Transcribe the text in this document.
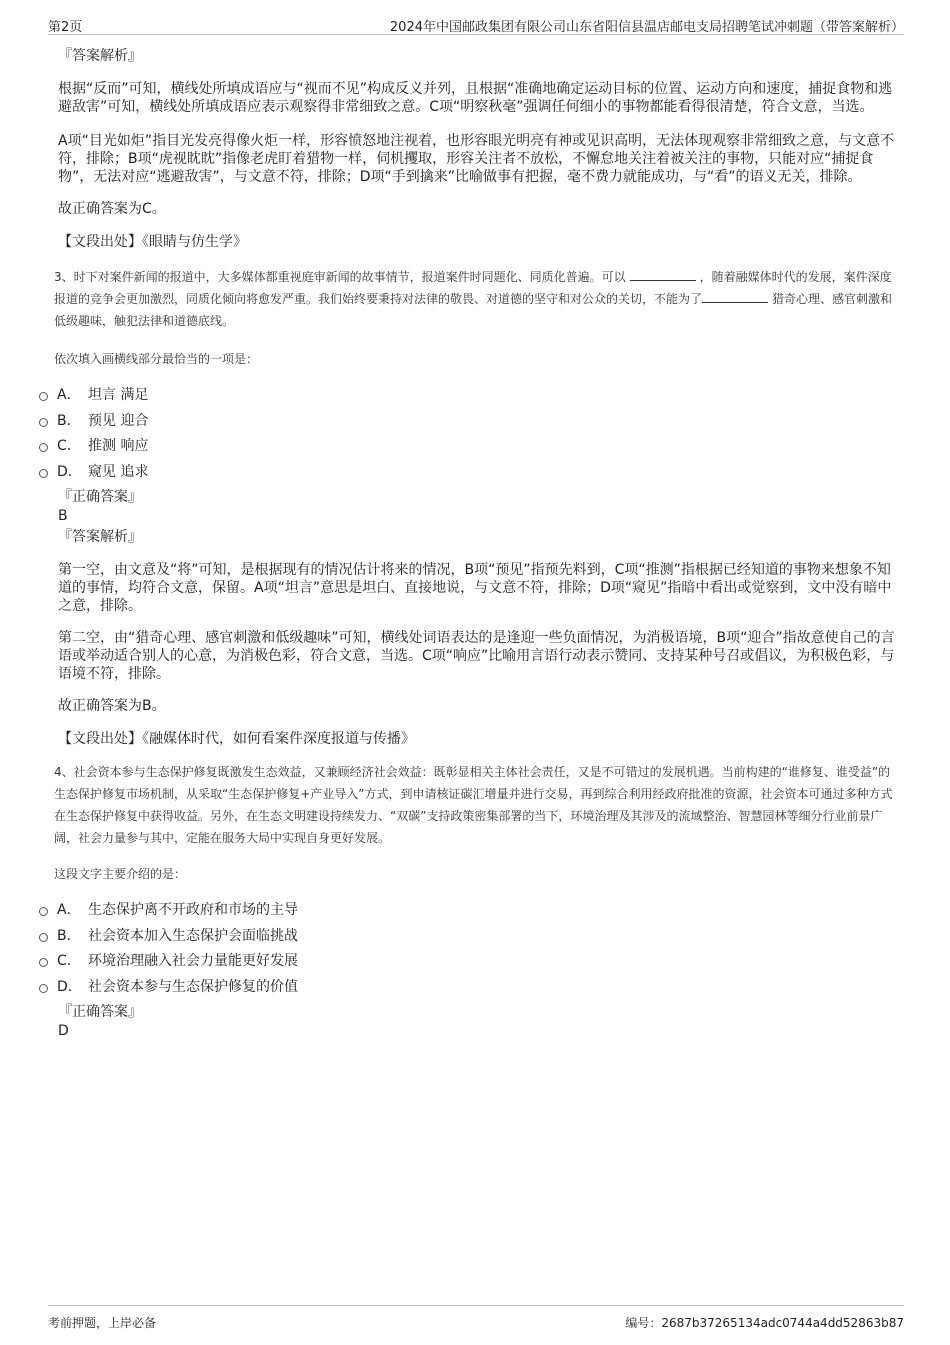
第2页	2024年中国邮政集团有限公司山东省阳信县温店邮电支局招聘笔试冲刺题（带答案解析）

『答案解析』

根据“反而”可知，横线处所填成语应与“视而不见”构成反义并列，且根据“准确地确定运动目标的位置、运动方向和速度，捕捉食物和逃避敌害”可知，横线处所填成语应表示观察得非常细致之意。C项“明察秋毫”强调任何细小的事物都能看得很清楚，符合文意，当选。

A项“目光如炬”指目光发亮得像火炬一样，形容愤怒地注视着，也形容眼光明亮有神或见识高明，无法体现观察非常细致之意，与文意不符，排除；B项“虎视眈眈”指像老虎盯着猎物一样，伺机攫取，形容关注者不放松，不懈怠地关注着被关注的事物，只能对应“捕捉食物”，无法对应“逃避敌害”，与文意不符，排除；D项“手到擒来”比喻做事有把握，毫不费力就能成功，与“看”的语义无关，排除。

故正确答案为C。

【文段出处】《眼睛与仿生学》

3、时下对案件新闻的报道中，大多媒体都重视庭审新闻的故事情节，报道案件时同题化、同质化普遍。可以	，随着融媒体时代的发展，案件深度报道的竞争会更加激烈，同质化倾向将愈发严重。我们始终要秉持对法律的敬畏、对道德的坚守和对公众的关切，不能为了	猎奇心理、感官刺激和低级趣味，触犯法律和道德底线。

依次填入画横线部分最恰当的一项是：

A． 坦言 满足
B． 预见 迎合
C． 推测 响应
D． 窥见 追求

『正确答案』

B

『答案解析』

第一空，由文意及“将”可知，是根据现有的情况估计将来的情况，B项“预见”指预先料到，C项“推测”指根据已经知道的事物来想象不知道的事情，均符合文意，保留。A项“坦言”意思是坦白、直接地说，与文意不符，排除；D项“窥见”指暗中看出或觉察到，文中没有暗中之意，排除。

第二空，由“猎奇心理、感官刺激和低级趣味”可知，横线处词语表达的是逢迎一些负面情况，为消极语境，B项“迎合”指故意使自己的言语或举动适合别人的心意，为消极色彩，符合文意，当选。C项“响应”比喻用言语行动表示赞同、支持某种号召或倡议，为积极色彩，与语境不符，排除。

故正确答案为B。

【文段出处】《融媒体时代，如何看案件深度报道与传播》

4、社会资本参与生态保护修复既激发生态效益，又兼顾经济社会效益：既彰显相关主体社会责任，又是不可错过的发展机遇。当前构建的“谁修复、谁受益”的生态保护修复市场机制，从采取“生态保护修复+产业导入”方式，到申请核证碳汇增量并进行交易，再到综合利用经政府批准的资源，社会资本可通过多种方式在生态保护修复中获得收益。另外，在生态文明建设持续发力、“双碳”支持政策密集部署的当下，环境治理及其涉及的流域整治、智慧园林等细分行业前景广阔，社会力量参与其中，定能在服务大局中实现自身更好发展。

这段文字主要介绍的是：

A． 生态保护离不开政府和市场的主导
B． 社会资本加入生态保护会面临挑战
C． 环境治理融入社会力量能更好发展
D． 社会资本参与生态保护修复的价值

『正确答案』

D

考前押题，上岸必备	编号：2687b37265134adc0744a4dd52863b87
